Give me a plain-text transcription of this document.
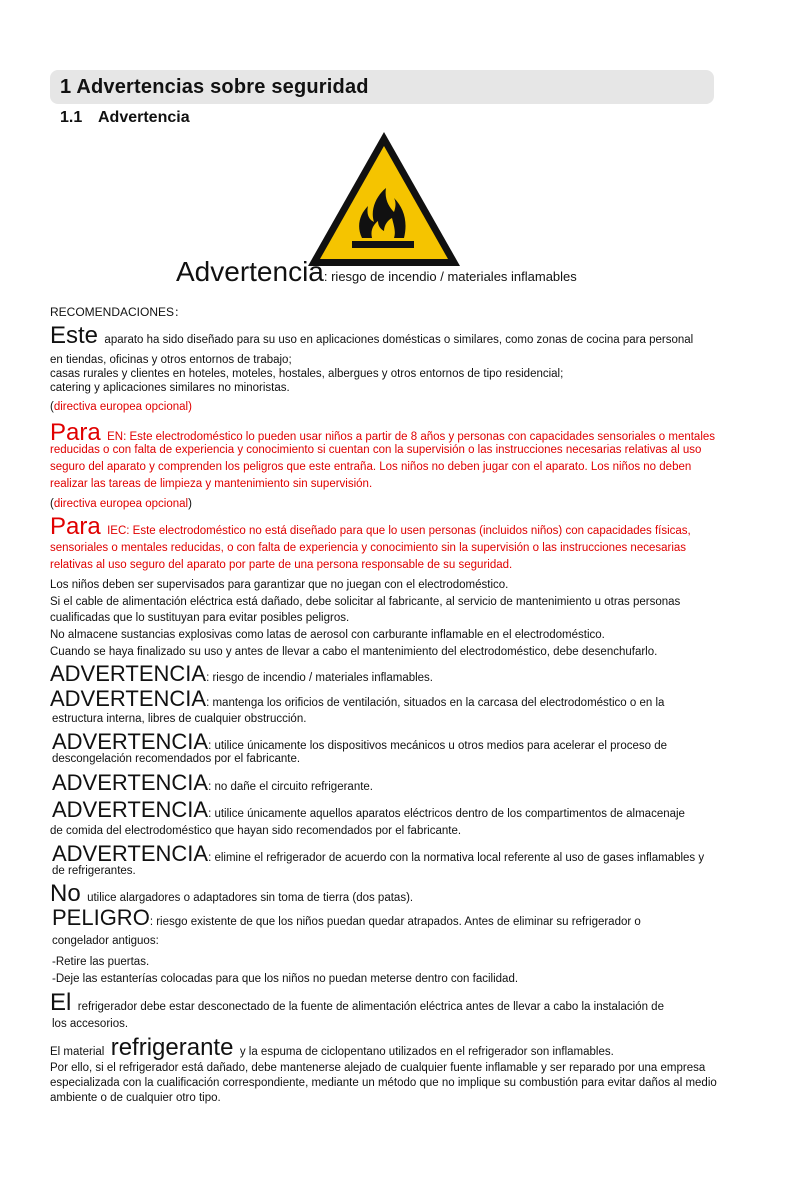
1 Advertencias sobre seguridad
1.1 Advertencia
Advertencia: riesgo de incendio / materiales inflamables
RECOMENDACIONES：
Este aparato ha sido diseñado para su uso en aplicaciones domésticas o similares, como zonas de cocina para personal
en tiendas, oficinas y otros entornos de trabajo;
casas rurales y clientes en hoteles, moteles, hostales, albergues y otros entornos de tipo residencial;
catering y aplicaciones similares no minoristas.
(directiva europea opcional)
Para EN: Este electrodoméstico lo pueden usar niños a partir de 8 años y personas con capacidades sensoriales o mentales
reducidas o con falta de experiencia y conocimiento si cuentan con la supervisión o las instrucciones necesarias relativas al uso
seguro del aparato y comprenden los peligros que este entraña. Los niños no deben jugar con el aparato. Los niños no deben
realizar las tareas de limpieza y mantenimiento sin supervisión.
(directiva europea opcional)
Para IEC: Este electrodoméstico no está diseñado para que lo usen personas (incluidos niños) con capacidades físicas,
sensoriales o mentales reducidas, o con falta de experiencia y conocimiento sin la supervisión o las instrucciones necesarias
relativas al uso seguro del aparato por parte de una persona responsable de su seguridad.
Los niños deben ser supervisados para garantizar que no juegan con el electrodoméstico.
Si el cable de alimentación eléctrica está dañado, debe solicitar al fabricante, al servicio de mantenimiento u otras personas
cualificadas que lo sustituyan para evitar posibles peligros.
No almacene sustancias explosivas como latas de aerosol con carburante inflamable en el electrodoméstico.
Cuando se haya finalizado su uso y antes de llevar a cabo el mantenimiento del electrodoméstico, debe desenchufarlo.
ADVERTENCIA: riesgo de incendio / materiales inflamables.
ADVERTENCIA: mantenga los orificios de ventilación, situados en la carcasa del electrodoméstico o en la
estructura interna, libres de cualquier obstrucción.
ADVERTENCIA: utilice únicamente los dispositivos mecánicos u otros medios para acelerar el proceso de
descongelación recomendados por el fabricante.
ADVERTENCIA: no dañe el circuito refrigerante.
ADVERTENCIA: utilice únicamente aquellos aparatos eléctricos dentro de los compartimentos de almacenaje
de comida del electrodoméstico que hayan sido recomendados por el fabricante.
ADVERTENCIA: elimine el refrigerador de acuerdo con la normativa local referente al uso de gases inflamables y
de refrigerantes.
No utilice alargadores o adaptadores sin toma de tierra (dos patas).
PELIGRO: riesgo existente de que los niños puedan quedar atrapados. Antes de eliminar su refrigerador o
congelador antiguos:
-Retire las puertas.
-Deje las estanterías colocadas para que los niños no puedan meterse dentro con facilidad.
El refrigerador debe estar desconectado de la fuente de alimentación eléctrica antes de llevar a cabo la instalación de
los accesorios.
El material refrigerante y la espuma de ciclopentano utilizados en el refrigerador son inflamables.
Por ello, si el refrigerador está dañado, debe mantenerse alejado de cualquier fuente inflamable y ser reparado por una empresa
especializada con la cualificación correspondiente, mediante un método que no implique su combustión para evitar daños al medio
ambiente o de cualquier otro tipo.
